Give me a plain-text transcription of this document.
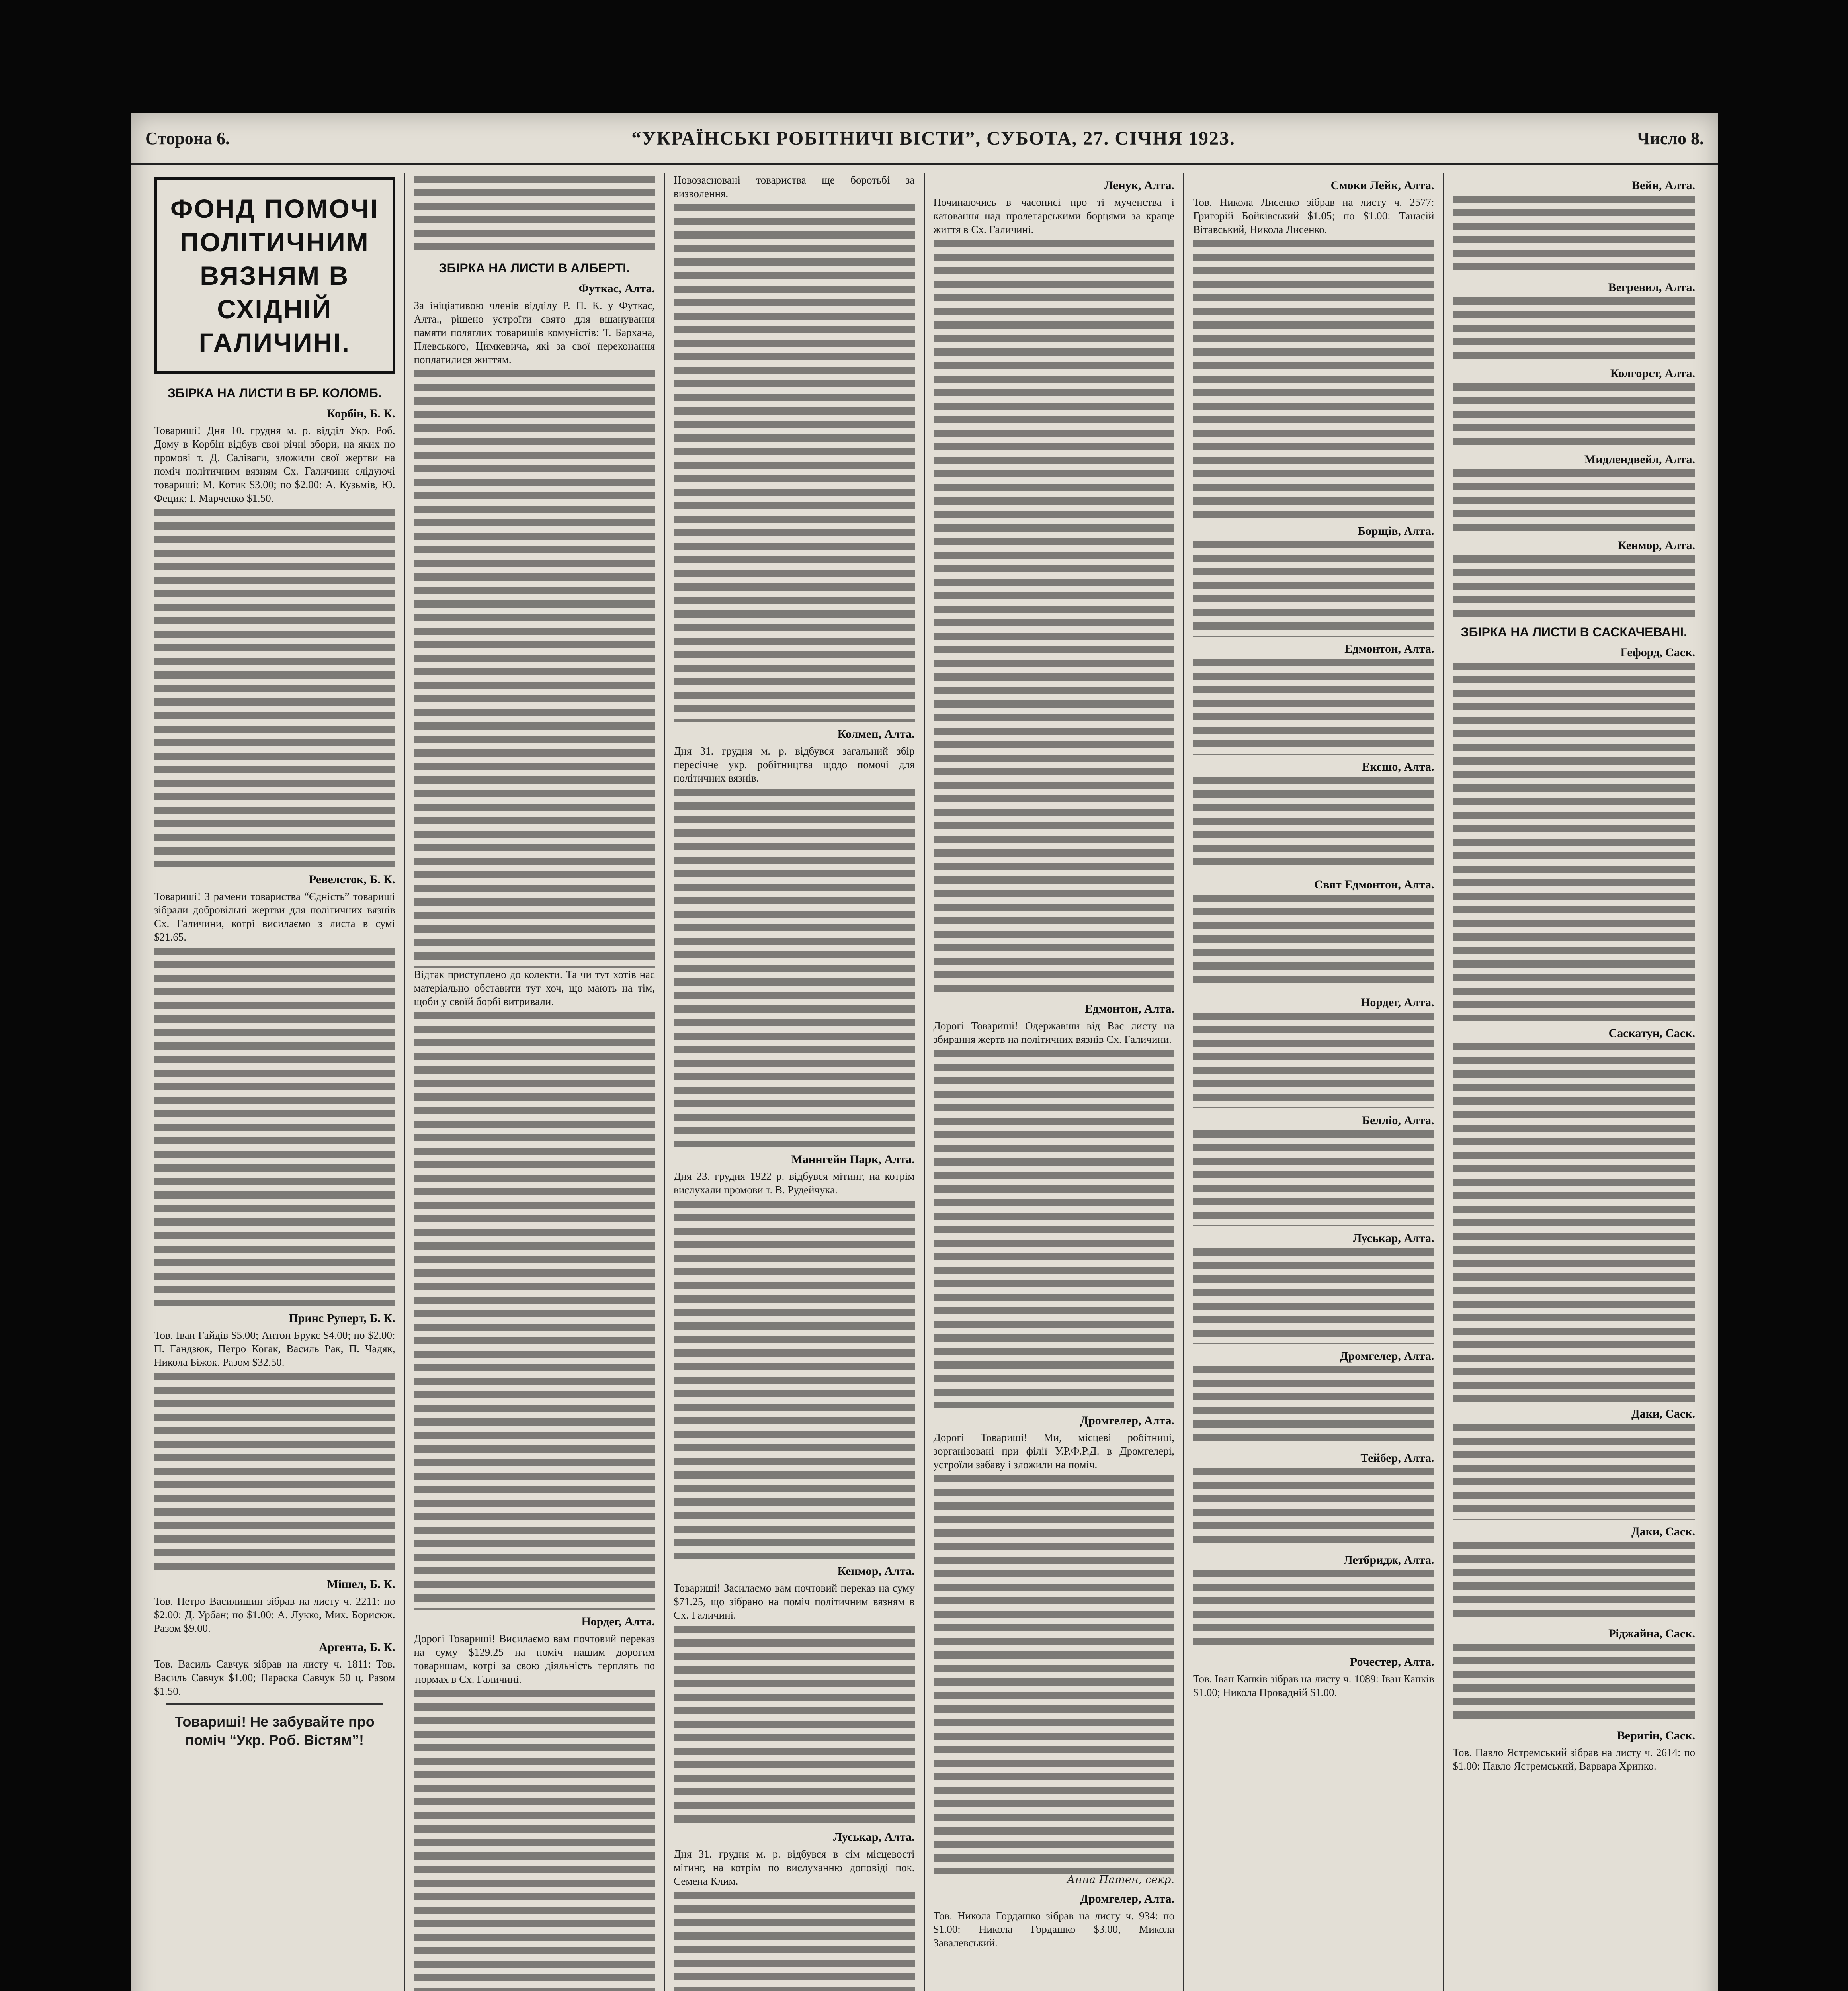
Сторона 6.	“УКРАЇНСЬКІ РОБІТНИЧІ ВІСТИ”, СУБОТА, 27. СІЧНЯ 1923.	Число 8.
ФОНД ПОМОЧІ ПОЛІТИЧНИМ ВЯЗНЯМ В СХІДНІЙ ГАЛИЧИНІ.
ЗБІРКА НА ЛИСТИ В БР. КОЛОМБ.
Корбін, Б. К.

Товариші! Дня 10. грудня м. р. відділ Укр. Роб. Дому в Корбін відбув свої річні збори, на яких по промові т. Д. Саліваги, зложили свої жертви на поміч політичним вязням Сх. Галичини слідуючі товариші: М. Котик $3.00; по $2.00: А. Кузьмів, Ю. Фецик; І. Марченко $1.50.

Ревелсток, Б. К.

Товариші! З рамени товариства “Єдність” товариші зібрали добровільні жертви для політичних вязнів Сх. Галичини, котрі висилаємо з листа в сумі $21.65.

Принс Руперт, Б. К.

Тов. Іван Гайдів $5.00; Антон Брукс $4.00; по $2.00: П. Гандзюк, Петро Когак, Василь Рак, П. Чадяк, Никола Біжок. Разом $32.50.

Мішел, Б. К.

Тов. Петро Василишин зібрав на листу ч. 2211: по $2.00: Д. Урбан; по $1.00: А. Лукко, Мих. Борисюк. Разом $9.00.

Аргента, Б. К.

Тов. Василь Савчук зібрав на листу ч. 1811: Тов. Василь Савчук $1.00; Параска Савчук 50 ц. Разом $1.50.

Товариші! Не забувайте про поміч “Укр. Роб. Вістям”!
ЗБІРКА НА ЛИСТИ В АЛБЕРТІ.
Футкас, Алта.

За ініціативою членів відділу Р. П. К. у Футкас, Алта., рішено устроїти свято для вшанування памяти поляглих товаришів комуністів: Т. Бархана, Плевського, Цимкевича, які за свої переконання поплатилися життям.

Відтак приступлено до колекти. Та чи тут хотів нас матеріально обставити тут хоч, що мають на тім, щоби у своїй борбі витривали.

Нордег, Алта.

Дорогі Товариші! Висилаємо вам почтовий переказ на суму $129.25 на поміч нашим дорогим товаришам, котрі за свою діяльність терплять по тюрмах в Сх. Галичині.

Новозасновані товариства ще боротьбі за визволення.

Колмен, Алта.

Дня 31. грудня м. р. відбувся загальний збір пересічне укр. робітництва щодо помочі для політичних вязнів.

Маннгейн Парк, Алта.

Дня 23. грудня 1922 р. відбувся мітинг, на котрім вислухали промови т. В. Рудейчука.

Кенмор, Алта.

Товариші! Засилаємо вам почтовий переказ на суму $71.25, що зібрано на поміч політичним вязням в Сх. Галичині.

Луськар, Алта.

Дня 31. грудня м. р. відбувся в сім місцевості мітинг, на котрім по вислуханню доповіді пок. Семена Клим.

Ленук, Алта.

Починаючись в часописі про ті мученства і катовання над пролетарськими борцями за краще життя в Сх. Галичині.

Едмонтон, Алта.

Дорогі Товариші! Одержавши від Вас листу на збирання жертв на політичних вязнів Сх. Галичини.

Дромгелер, Алта.

Дорогі Товариші! Ми, місцеві робітниці, зорганізовані при філії У.Р.Ф.Р.Д. в Дромгелері, устроїли забаву і зложили на поміч.

Анна Патен, секр.
Дромгелер, Алта.

Тов. Никола Гордашко зібрав на листу ч. 934: по $1.00: Никола Гордашко $3.00, Микола Завалевський.

Смоки Лейк, Алта.

Тов. Никола Лисенко зібрав на листу ч. 2577: Григорій Бойківський $1.05; по $1.00: Танасій Вітавський, Никола Лисенко.

Борщів, Алта.
Едмонтон, Алта.
Ексшо, Алта.
Свят Едмонтон, Алта.
Нордег, Алта.
Белліо, Алта.
Луськар, Алта.
Дромгелер, Алта.
Тейбер, Алта.
Летбридж, Алта.
Рочестер, Алта.

Тов. Іван Капків зібрав на листу ч. 1089: Іван Капків $1.00; Никола Провадній $1.00.

Вейн, Алта.
Вегревил, Алта.
Колгорст, Алта.
Мидлендвейл, Алта.
Кенмор, Алта.
ЗБІРКА НА ЛИСТИ В САСКАЧЕВАНІ.
Гефорд, Саск.
Саскатун, Саск.
Даки, Саск.
Даки, Саск.
Ріджайна, Саск.
Веригін, Саск.

Тов. Павло Ястремський зібрав на листу ч. 2614: по $1.00: Павло Ястремський, Варвара Хрипко.
